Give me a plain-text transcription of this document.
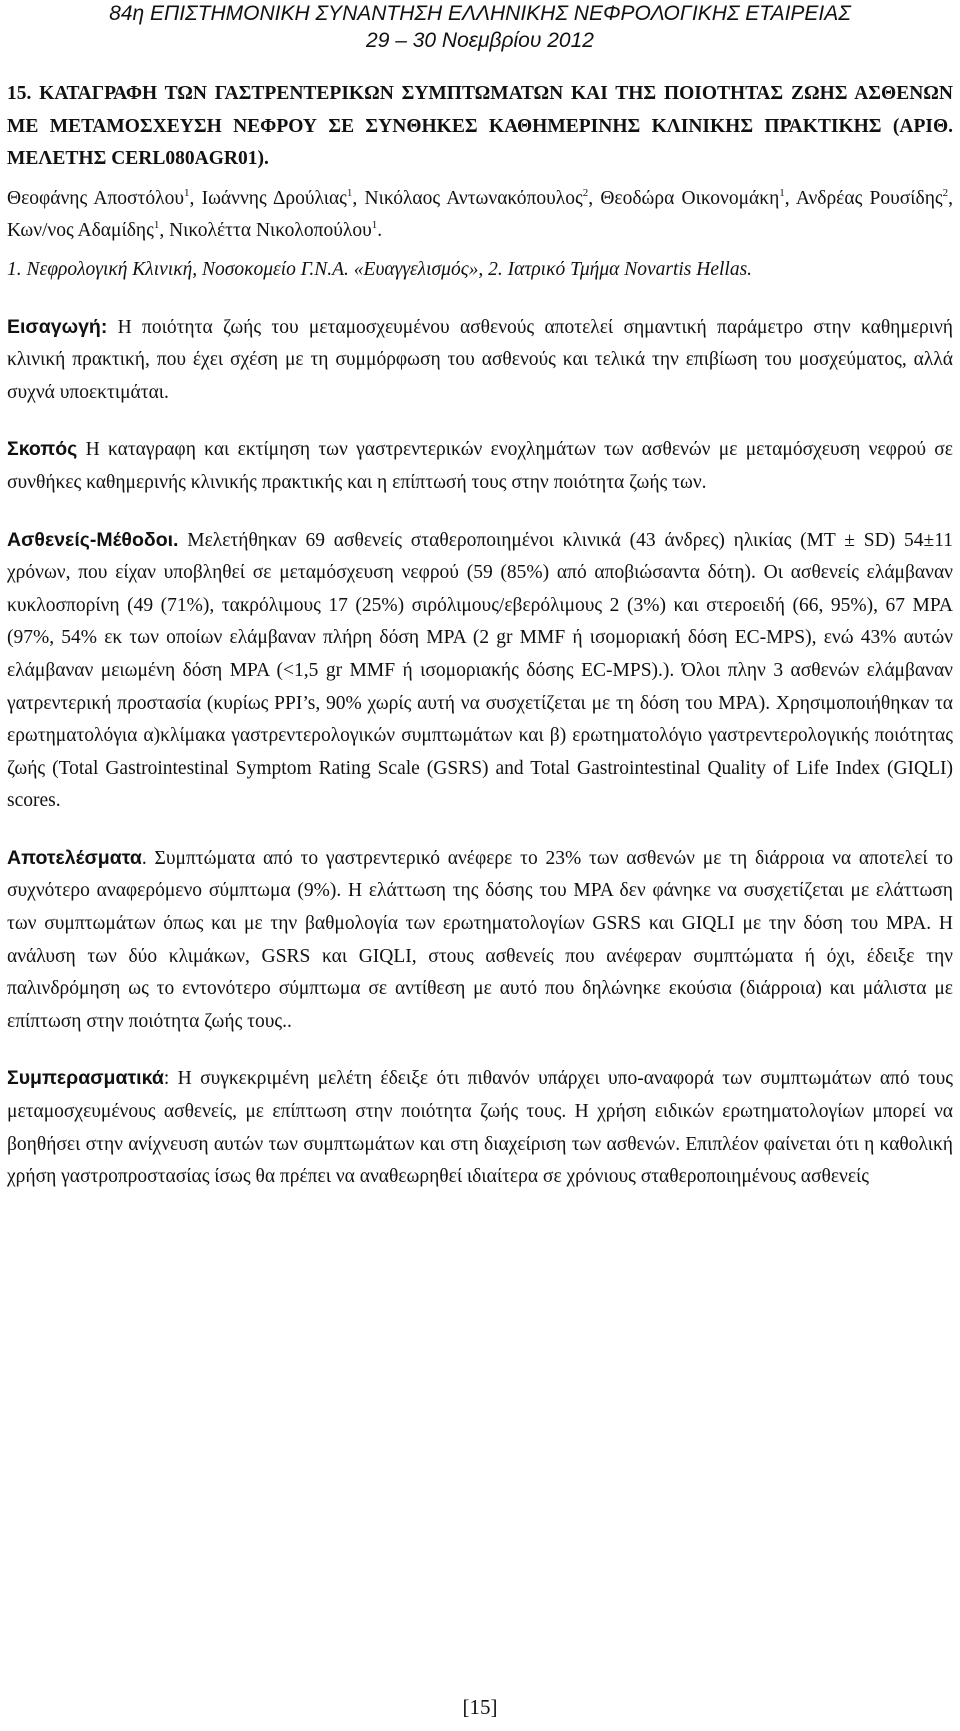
84η ΕΠΙΣΤΗΜΟΝΙΚΗ ΣΥΝΑΝΤΗΣΗ ΕΛΛΗΝΙΚΗΣ ΝΕΦΡΟΛΟΓΙΚΗΣ ΕΤΑΙΡΕΙΑΣ
29 – 30 Νοεμβρίου 2012

15. ΚΑΤΑΓΡΑΦΗ ΤΩΝ ΓΑΣΤΡΕΝΤΕΡΙΚΩΝ ΣΥΜΠΤΩΜΑΤΩΝ ΚΑΙ ΤΗΣ ΠΟΙΟΤΗΤΑΣ ΖΩΗΣ ΑΣΘΕΝΩΝ ΜΕ ΜΕΤΑΜΟΣΧΕΥΣΗ ΝΕΦΡΟΥ ΣΕ ΣΥΝΘΗΚΕΣ ΚΑΘΗΜΕΡΙΝΗΣ ΚΛΙΝΙΚΗΣ ΠΡΑΚΤΙΚΗΣ (ΑΡΙΘ. ΜΕΛΕΤΗΣ CERL080AGR01).

Θεοφάνης Αποστόλου$^1$, Ιωάννης Δρούλιας$^1$, Νικόλαος Αντωνακόπουλος$^2$, Θεοδώρα Οικονομάκη$^1$, Ανδρέας Ρουσίδης$^2$, Κων/νος Αδαμίδης$^1$, Νικολέττα Νικολοπούλου$^1$.

1. Νεφρολογική Κλινική, Νοσοκομείο Γ.Ν.Α. «Ευαγγελισμός», 2. Ιατρικό Τμήμα Novartis Hellas.

Εισαγωγή: Η ποιότητα ζωής του μεταμοσχευμένου ασθενούς αποτελεί σημαντική παράμετρο στην καθημερινή κλινική πρακτική, που έχει σχέση με τη συμμόρφωση του ασθενούς και τελικά την επιβίωση του μοσχεύματος, αλλά συχνά υποεκτιμάται.

Σκοπός Η καταγραφη και εκτίμηση των γαστρεντερικών ενοχλημάτων των ασθενών με μεταμόσχευση νεφρού σε συνθήκες καθημερινής κλινικής πρακτικής και η επίπτωσή τους στην ποιότητα ζωής των.

Ασθενείς-Μέθοδοι. Μελετήθηκαν 69 ασθενείς σταθεροποιημένοι κλινικά (43 άνδρες) ηλικίας (ΜΤ ± SD) 54±11 χρόνων, που είχαν υποβληθεί σε μεταμόσχευση νεφρού (59 (85%) από αποβιώσαντα δότη). Οι ασθενείς ελάμβαναν κυκλοσπορίνη (49 (71%), ταкρόλιμους 17 (25%) σιρόλιμους/εβερόλιμους 2 (3%) και στεροειδή (66, 95%), 67 MPA (97%, 54% εκ των οποίων ελάμβαναν πλήρη δόση MPA (2 gr MMF ή ισομοριακή δόση EC-MPS), ενώ 43% αυτών ελάμβαναν μειωμένη δόση MPA (<1,5 gr MMF ή ισομοριακής δόσης EC-MPS).). Όλοι πλην 3 ασθενών ελάμβαναν γατρεντερική προστασία (κυρίως PPI’s, 90% χωρίς αυτή να συσχετίζεται με τη δόση του MPA). Χρησιμοποιήθηκαν τα ερωτηματολόγια α)κλίμακα γαστρεντερολογικών συμπτωμάτων και β) ερωτηματολόγιο γαστρεντερολογικής ποιότητας ζωής (Total Gastrointestinal Symptom Rating Scale (GSRS) and Total Gastrointestinal Quality of Life Index (GIQLI) scores.

Αποτελέσματα. Συμπτώματα από το γαστρεντερικό ανέφερε το 23% των ασθενών με τη διάρροια να αποτελεί το συχνότερο αναφερόμενο σύμπτωμα (9%). Η ελάττωση της δόσης του MPA δεν φάνηκε να συσχετίζεται με ελάττωση των συμπτωμάτων όπως και με την βαθμολογία των ερωτηματολογίων GSRS και GIQLI με την δόση του MPA. Η ανάλυση των δύο κλιμάκων, GSRS και GIQLI, στους ασθενείς που ανέφεραν συμπτώματα ή όχι, έδειξε την παλινδρόμηση ως το εντονότερο σύμπτωμα σε αντίθεση με αυτό που δηλώνηκε εκούσια (διάρροια) και μάλιστα με επίπτωση στην ποιότητα ζωής τους..

Συμπερασματικά: Η συγκεκριμένη μελέτη έδειξε ότι πιθανόν υπάρχει υπο-αναφορά των συμπτωμάτων από τους μεταμοσχευμένους ασθενείς, με επίπτωση στην ποιότητα ζωής τους. Η χρήση ειδικών ερωτηματολογίων μπορεί να βοηθήσει στην ανίχνευση αυτών των συμπτωμάτων και στη διαχείριση των ασθενών. Επιπλέον φαίνεται ότι η καθολική χρήση γαστροπροστασίας ίσως θα πρέπει να αναθεωρηθεί ιδιαίτερα σε χρόνιους σταθεροποιημένους ασθενείς

[15]
